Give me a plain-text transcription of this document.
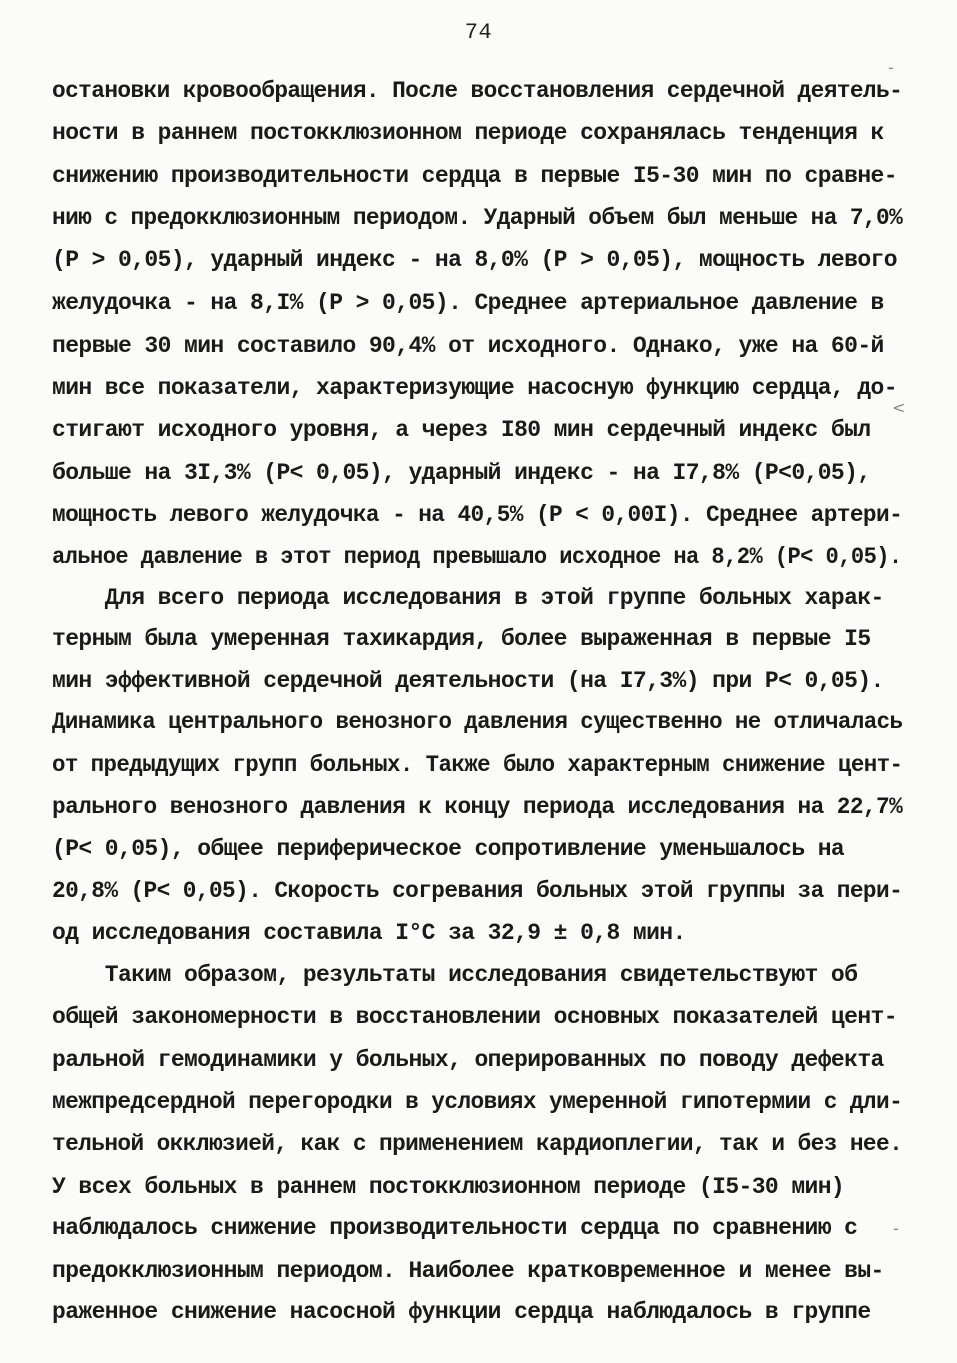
74
остановки кровообращения. После восстановления сердечной деятель-
ности в раннем постокклюзионном периоде сохранялась тенденция к
снижению производительности сердца в первые I5-30 мин по сравне-
нию с предокклюзионным периодом. Ударный объем был меньше на 7,0%
(P > 0,05), ударный индекс - на 8,0% (P > 0,05), мощность левого
желудочка - на 8,I% (P > 0,05). Среднее артериальное давление в
первые 30 мин составило 90,4% от исходного. Однако, уже на 60-й
мин все показатели, характеризующие насосную функцию сердца, до-
стигают исходного уровня, а через I80 мин сердечный индекс был
больше на 3I,3% (P< 0,05), ударный индекс - на I7,8% (P<0,05),
мощность левого желудочка - на 40,5% (P < 0,00I). Среднее артери-
альное давление в этот период превышало исходное на 8,2% (P< 0,05).
Для всего периода исследования в этой группе больных харак-
терным была умеренная тахикардия, более выраженная в первые I5
мин эффективной сердечной деятельности (на I7,3%) при P< 0,05).
Динамика центрального венозного давления существенно не отличалась
от предыдущих групп больных. Также было характерным снижение цент-
рального венозного давления к концу периода исследования на 22,7%
(P< 0,05), общее периферическое сопротивление уменьшалось на
20,8% (P< 0,05). Скорость согревания больных этой группы за пери-
од исследования составила I°C за 32,9 ± 0,8 мин.
Таким образом, результаты исследования свидетельствуют об
общей закономерности в восстановлении основных показателей цент-
ральной гемодинамики у больных, оперированных по поводу дефекта
межпредсердной перегородки в условиях умеренной гипотермии с дли-
тельной окклюзией, как с применением кардиоплегии, так и без нее.
У всех больных в раннем постокклюзионном периоде (I5-30 мин)
наблюдалось снижение производительности сердца по сравнению с
предокклюзионным периодом. Наиболее кратковременное и менее вы-
раженное снижение насосной функции сердца наблюдалось в группе
‑
<
‑
